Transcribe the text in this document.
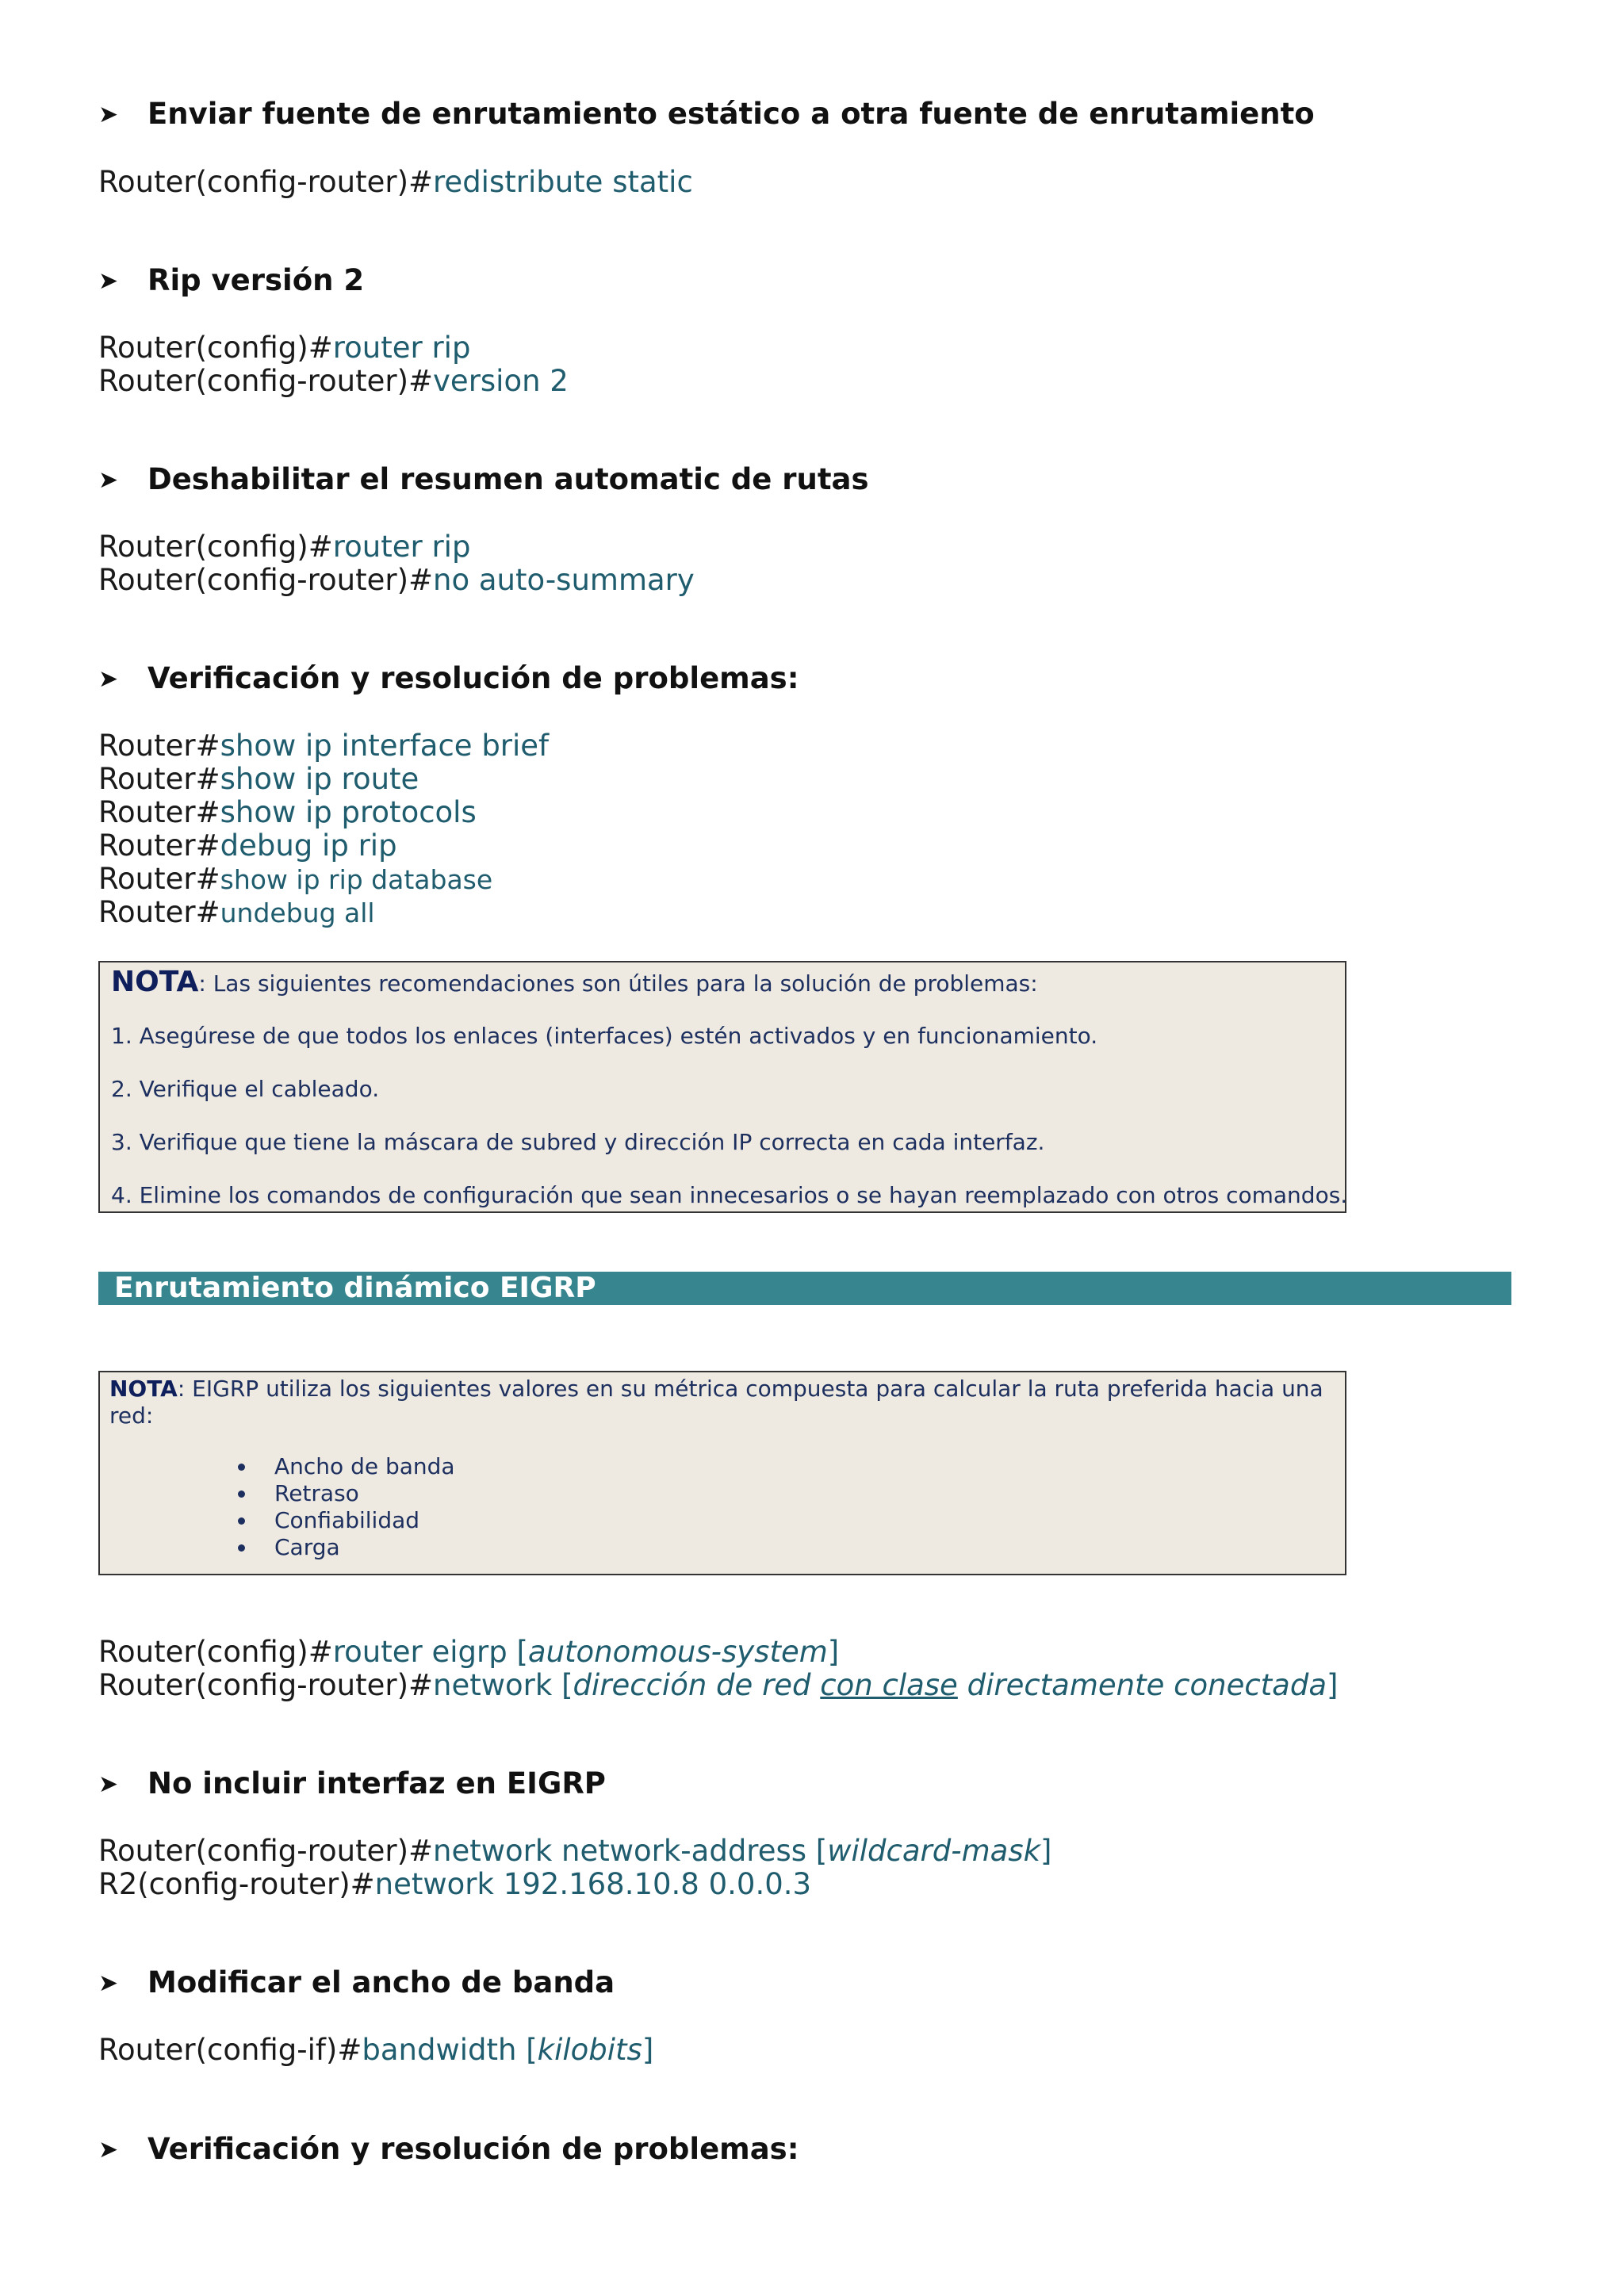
➤ Enviar fuente de enrutamiento estático a otra fuente de enrutamiento
Router(config-router)#redistribute static
➤ Rip versión 2
Router(config)#router rip
Router(config-router)#version 2
➤ Deshabilitar el resumen automatic de rutas
Router(config)#router rip
Router(config-router)#no auto-summary
➤ Verificación y resolución de problemas:
Router#show ip interface brief
Router#show ip route
Router#show ip protocols
Router#debug ip rip
Router#show ip rip database
Router#undebug all
NOTA: Las siguientes recomendaciones son útiles para la solución de problemas:
1. Asegúrese de que todos los enlaces (interfaces) estén activados y en funcionamiento.
2. Verifique el cableado.
3. Verifique que tiene la máscara de subred y dirección IP correcta en cada interfaz.
4. Elimine los comandos de configuración que sean innecesarios o se hayan reemplazado con otros comandos.
Enrutamiento dinámico EIGRP
NOTA: EIGRP utiliza los siguientes valores en su métrica compuesta para calcular la ruta preferida hacia una red:
• Ancho de banda
• Retraso
• Confiabilidad
• Carga
Router(config)#router eigrp [autonomous-system]
Router(config-router)#network [dirección de red con clase directamente conectada]
➤ No incluir interfaz en EIGRP
Router(config-router)#network network-address [wildcard-mask]
R2(config-router)#network 192.168.10.8 0.0.0.3
➤ Modificar el ancho de banda
Router(config-if)#bandwidth [kilobits]
➤ Verificación y resolución de problemas:
